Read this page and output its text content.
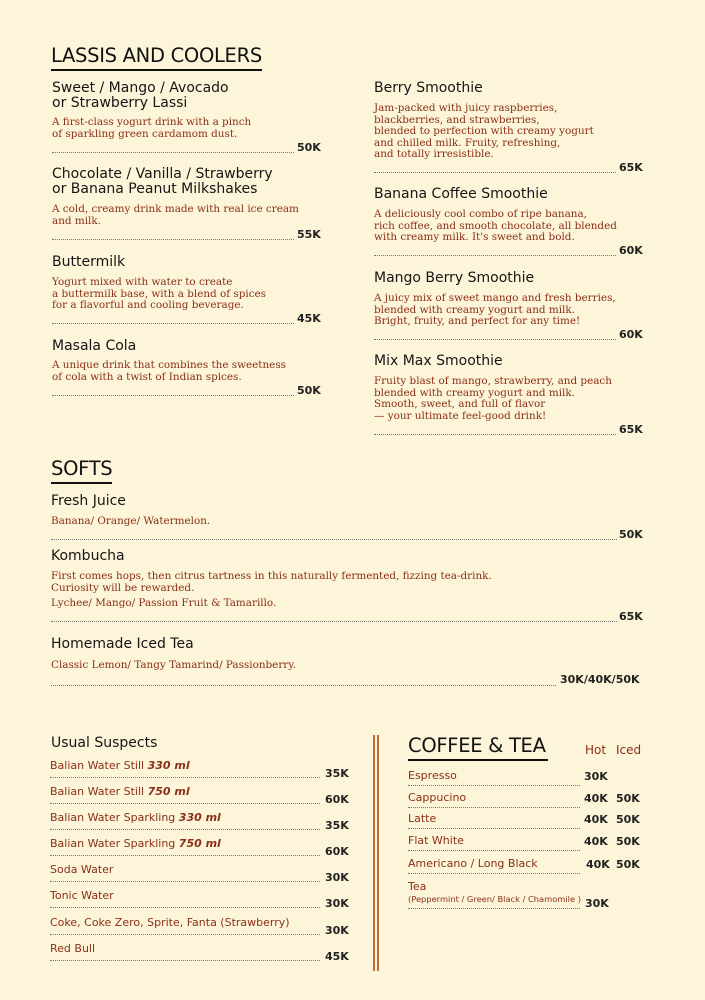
LASSIS AND COOLERS
Sweet / Mango / Avocado
or Strawberry Lassi
A first-class yogurt drink with a pinch
of sparkling green cardamom dust.
50K
Chocolate / Vanilla / Strawberry
or Banana Peanut Milkshakes
A cold, creamy drink made with real ice cream
and milk.
55K
Buttermilk
Yogurt mixed with water to create
a buttermilk base, with a blend of spices
for a flavorful and cooling beverage.
45K
Masala Cola
A unique drink that combines the sweetness
of cola with a twist of Indian spices.
50K
Berry Smoothie
Jam-packed with juicy raspberries,
blackberries, and strawberries,
blended to perfection with creamy yogurt
and chilled milk. Fruity, refreshing,
and totally irresistible.
65K
Banana Coffee Smoothie
A deliciously cool combo of ripe banana,
rich coffee, and smooth chocolate, all blended
with creamy milk. It's sweet and bold.
60K
Mango Berry Smoothie
A juicy mix of sweet mango and fresh berries,
blended with creamy yogurt and milk.
Bright, fruity, and perfect for any time!
60K
Mix Max Smoothie
Fruity blast of mango, strawberry, and peach
blended with creamy yogurt and milk.
Smooth, sweet, and full of flavor
— your ultimate feel-good drink!
65K
SOFTS
Fresh Juice
Banana/ Orange/ Watermelon.
50K
Kombucha
First comes hops, then citrus tartness in this naturally fermented, fizzing tea-drink.
Curiosity will be rewarded.
Lychee/ Mango/ Passion Fruit & Tamarillo.
65K
Homemade Iced Tea
Classic Lemon/ Tangy Tamarind/ Passionberry.
30K/40K/50K
Usual Suspects
Balian Water Still 330 ml
35K
Balian Water Still 750 ml
60K
Balian Water Sparkling 330 ml
35K
Balian Water Sparkling 750 ml
60K
Soda Water
30K
Tonic Water
30K
Coke, Coke Zero, Sprite, Fanta (Strawberry)
30K
Red Bull
45K
COFFEE & TEA	Hot Iced
Espresso	30K
Cappucino	40K 50K
Latte	40K 50K
Flat White	40K 50K
Americano / Long Black	40K 50K
Tea
(Peppermint / Green/ Black / Chamomile ) 30K
